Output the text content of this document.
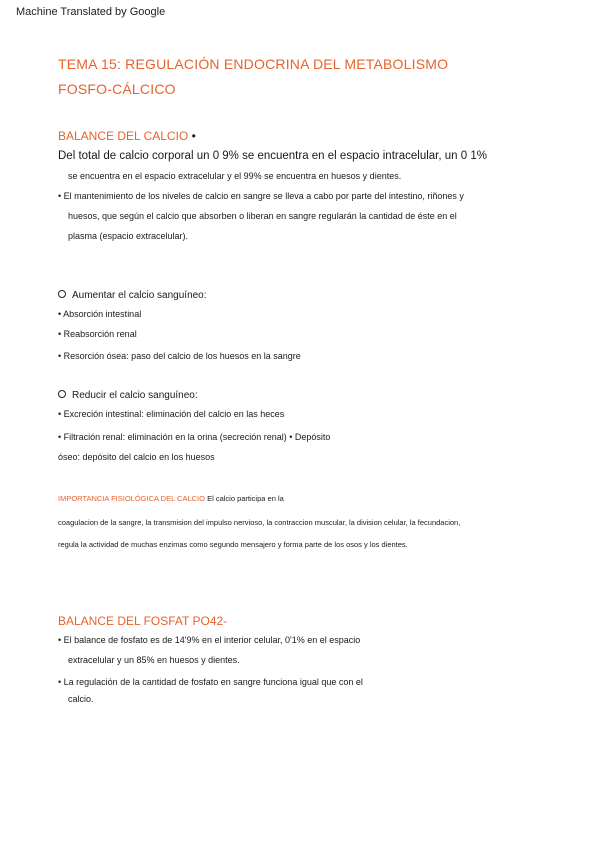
Machine Translated by Google
TEMA 15: REGULACIÓN ENDOCRINA DEL METABOLISMO
FOSFO-CÁLCICO
BALANCE DEL CALCIO •
Del total de calcio corporal un 0 9% se encuentra en el espacio intracelular, un 0 1%
se encuentra en el espacio extracelular y el 99% se encuentra en huesos y dientes.
• El mantenimiento de los niveles de calcio en sangre se lleva a cabo por parte del intestino, riñones y
huesos, que según el calcio que absorben o liberan en sangre regularán la cantidad de éste en el
plasma (espacio extracelular).
Aumentar el calcio sanguíneo:
• Absorción intestinal
• Reabsorción renal
• Resorción ósea: paso del calcio de los huesos en la sangre
Reducir el calcio sanguíneo:
• Excreción intestinal: eliminación del calcio en las heces
• Filtración renal: eliminación en la orina (secreción renal) • Depósito
óseo: depósito del calcio en los huesos
IMPORTANCIA FISIOLÓGICA DEL CALCIO El calcio participa en la
coagulacion de la sangre, la transmision del impulso nervioso, la contraccion muscular, la division celular, la fecundacion,
regula la actividad de muchas enzimas como segundo mensajero y forma parte de los osos y los dientes.
BALANCE DEL FOSFAT PO42-
• El balance de fosfato es de 14'9% en el interior celular, 0'1% en el espacio
extracelular y un 85% en huesos y dientes.
• La regulación de la cantidad de fosfato en sangre funciona igual que con el
calcio.
